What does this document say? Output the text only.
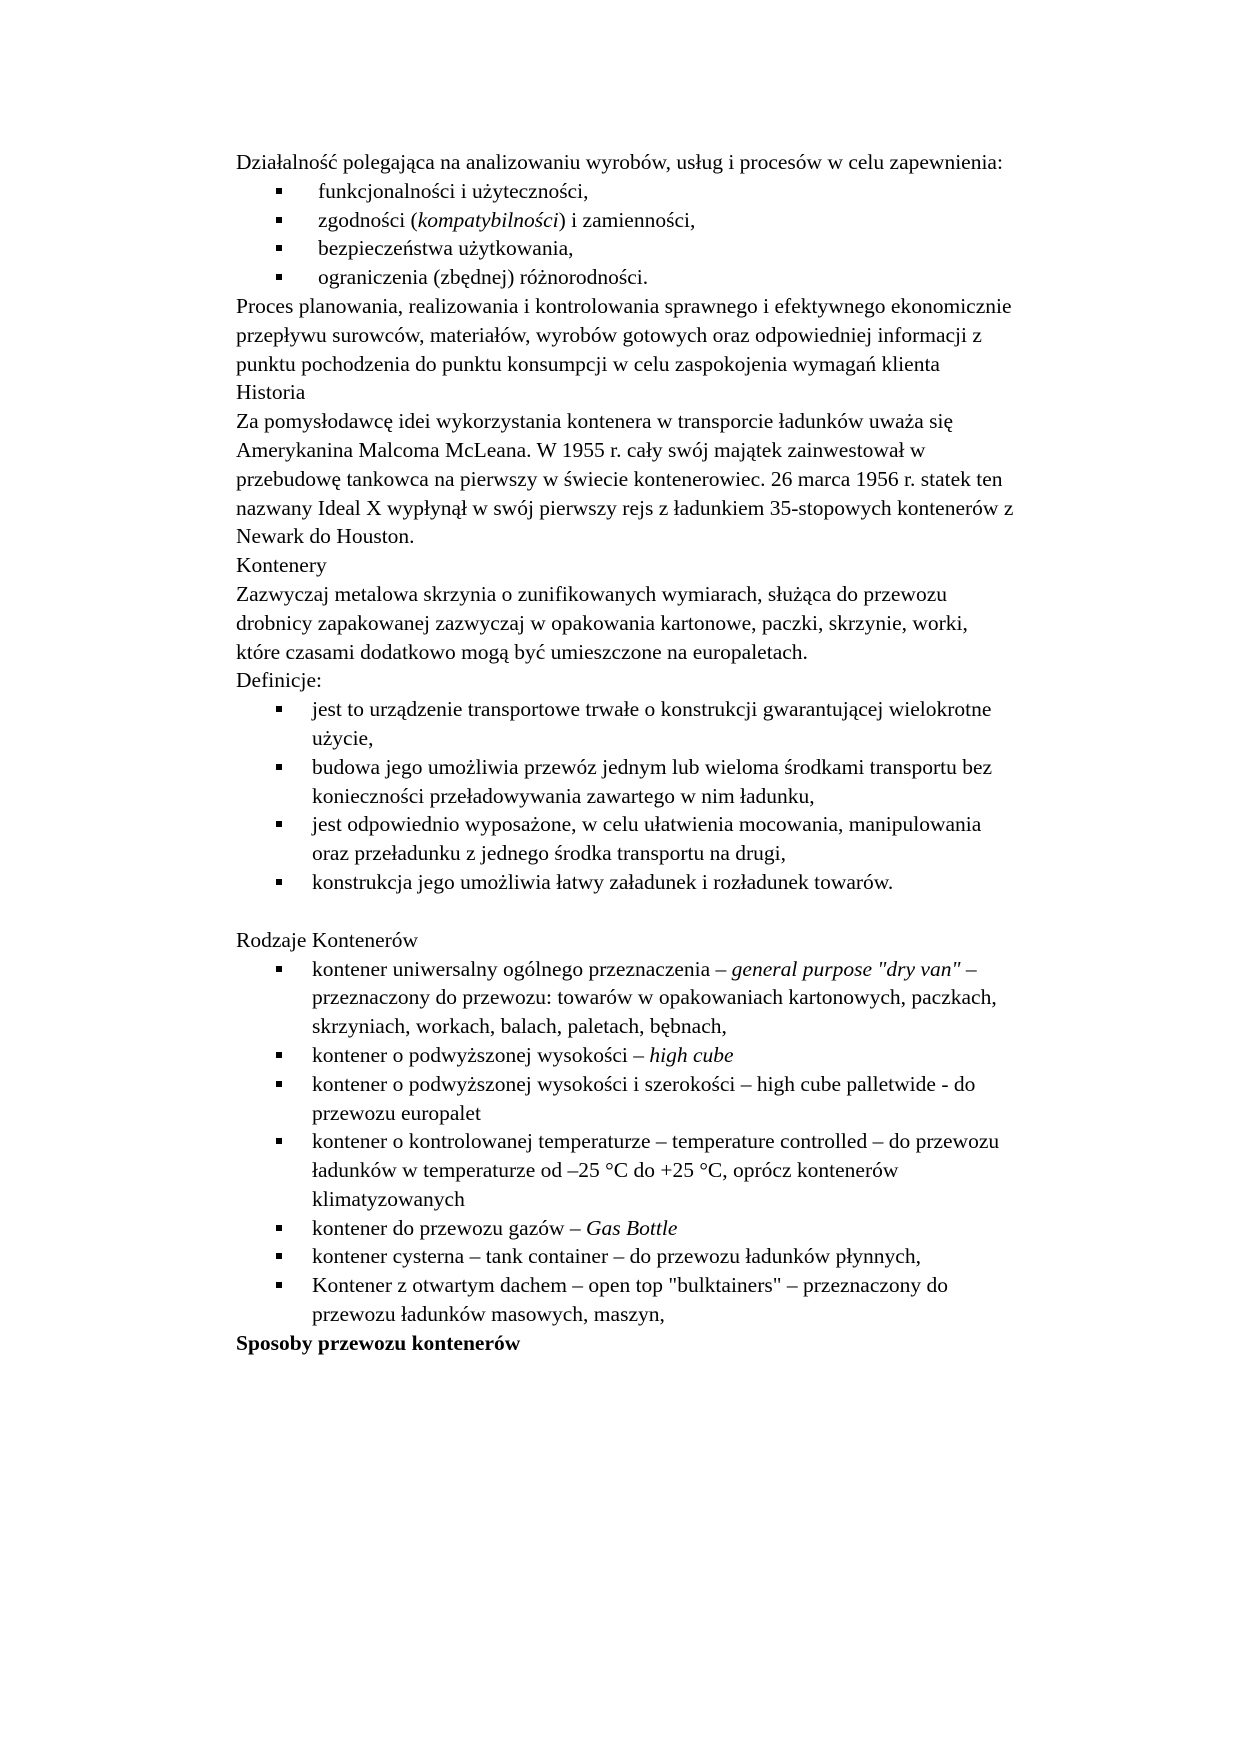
Działalność polegająca na analizowaniu wyrobów, usług i procesów w celu zapewnienia:

funkcjonalności i użyteczności,
zgodności (kompatybilności) i zamienności,
bezpieczeństwa użytkowania,
ograniczenia (zbędnej) różnorodności.

Proces planowania, realizowania i kontrolowania sprawnego i efektywnego ekonomicznie przepływu surowców, materiałów, wyrobów gotowych oraz odpowiedniej informacji z punktu pochodzenia do punktu konsumpcji w celu zaspokojenia wymagań klienta

Historia

Za pomysłodawcę idei wykorzystania kontenera w transporcie ładunków uważa się Amerykanina Malcoma McLeana. W 1955 r. cały swój majątek zainwestował w przebudowę tankowca na pierwszy w świecie kontenerowiec. 26 marca 1956 r. statek ten nazwany Ideal X wypłynął w swój pierwszy rejs z ładunkiem 35-stopowych kontenerów z Newark do Houston.

Kontenery

Zazwyczaj metalowa skrzynia o zunifikowanych wymiarach, służąca do przewozu drobnicy zapakowanej zazwyczaj w opakowania kartonowe, paczki, skrzynie, worki, które czasami dodatkowo mogą być umieszczone na europaletach.

Definicje:

jest to urządzenie transportowe trwałe o konstrukcji gwarantującej wielokrotne użycie,
budowa jego umożliwia przewóz jednym lub wieloma środkami transportu bez konieczności przeładowywania zawartego w nim ładunku,
jest odpowiednio wyposażone, w celu ułatwienia mocowania, manipulowania oraz przeładunku z jednego środka transportu na drugi,
konstrukcja jego umożliwia łatwy załadunek i rozładunek towarów.

Rodzaje Kontenerów

kontener uniwersalny ogólnego przeznaczenia – general purpose "dry van" – przeznaczony do przewozu: towarów w opakowaniach kartonowych, paczkach, skrzyniach, workach, balach, paletach, bębnach,
kontener o podwyższonej wysokości – high cube
kontener o podwyższonej wysokości i szerokości – high cube palletwide - do przewozu europalet
kontener o kontrolowanej temperaturze – temperature controlled – do przewozu ładunków w temperaturze od –25 °C do +25 °C, oprócz kontenerów klimatyzowanych
kontener do przewozu gazów – Gas Bottle
kontener cysterna – tank container – do przewozu ładunków płynnych,
Kontener z otwartym dachem – open top "bulktainers" – przeznaczony do przewozu ładunków masowych, maszyn,

Sposoby przewozu kontenerów
